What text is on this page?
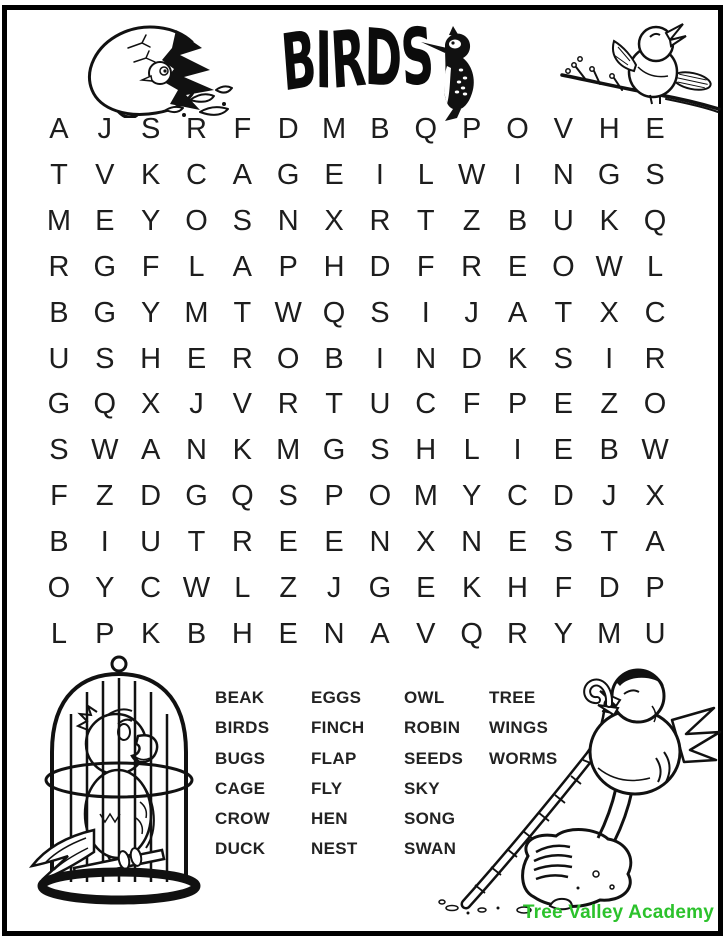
BIRDS
A J S R F D M B Q P O V H E
T V K C A G E	I	L W I	N G S
M E Y O S N X R T Z B U K Q
R G F L A P H D F R E O W L
B G Y M T W Q S	I	J A T X C
U S H E R O B	I	N D K S	I	R
G Q X J V R T U C F P E Z O
S W A N K M G S H L	I	E B W
F Z D G Q S P O M Y C D J X
B	I	U T R E E N X N E S T A
O Y C W L Z	J G E K H F D P
L P K B H E N A V Q R Y M U
BEAK
BIRDS
BUGS
CAGE
CROW
DUCK
EGGS
FINCH
FLAP
FLY
HEN
NEST
OWL
ROBIN
SEEDS
SKY
SONG
SWAN
TREE
WINGS
WORMS
Tree Valley Academy
